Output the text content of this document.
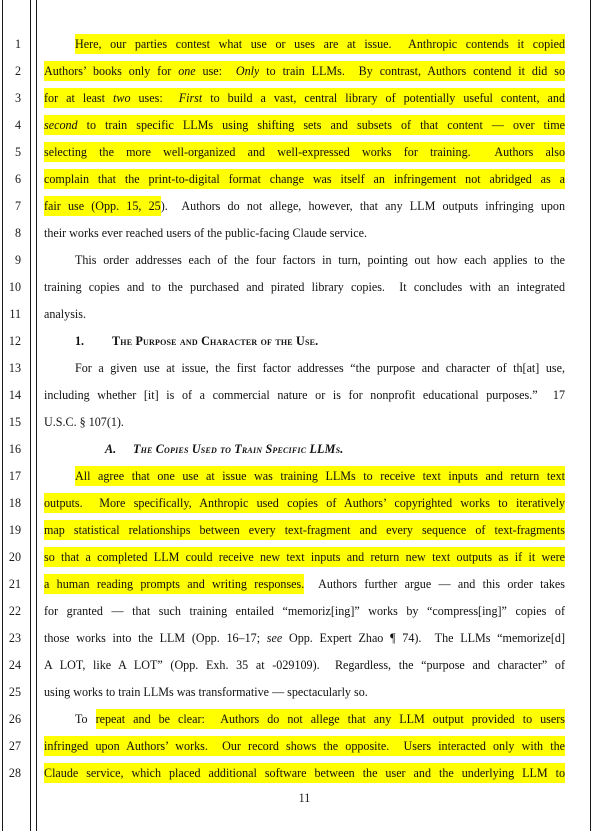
1
2
3
4
5
6
7
8
9
10
11
12
13
14
15
16
17
18
19
20
21
22
23
24
25
26
27
28
Here, our parties contest what use or uses are at issue.  Anthropic contends it copied
Authors’ books only for one use:  Only to train LLMs.  By contrast, Authors contend it did so
for at least two uses:  First to build a vast, central library of potentially useful content, and
second to train specific LLMs using shifting sets and subsets of that content — over time
selecting the more well-organized and well-expressed works for training.  Authors also
complain that the print-to-digital format change was itself an infringement not abridged as a
fair use (Opp. 15, 25).  Authors do not allege, however, that any LLM outputs infringing upon
their works ever reached users of the public-facing Claude service.
This order addresses each of the four factors in turn, pointing out how each applies to the
training copies and to the purchased and pirated library copies.  It concludes with an integrated
analysis.
1. The Purpose and Character of the Use.
For a given use at issue, the first factor addresses “the purpose and character of th[at] use,
including whether [it] is of a commercial nature or is for nonprofit educational purposes.”  17
U.S.C. § 107(1).
A. The Copies Used to Train Specific LLMs.
All agree that one use at issue was training LLMs to receive text inputs and return text
outputs.  More specifically, Anthropic used copies of Authors’ copyrighted works to iteratively
map statistical relationships between every text-fragment and every sequence of text-fragments
so that a completed LLM could receive new text inputs and return new text outputs as if it were
a human reading prompts and writing responses.  Authors further argue — and this order takes
for granted — that such training entailed “memoriz[ing]” works by “compress[ing]” copies of
those works into the LLM (Opp. 16–17; see Opp. Expert Zhao ¶ 74).  The LLMs “memorize[d]
A LOT, like A LOT” (Opp. Exh. 35 at -029109).  Regardless, the “purpose and character” of
using works to train LLMs was transformative — spectacularly so.
To repeat and be clear:  Authors do not allege that any LLM output provided to users
infringed upon Authors’ works.  Our record shows the opposite.  Users interacted only with the
Claude service, which placed additional software between the user and the underlying LLM to
11
